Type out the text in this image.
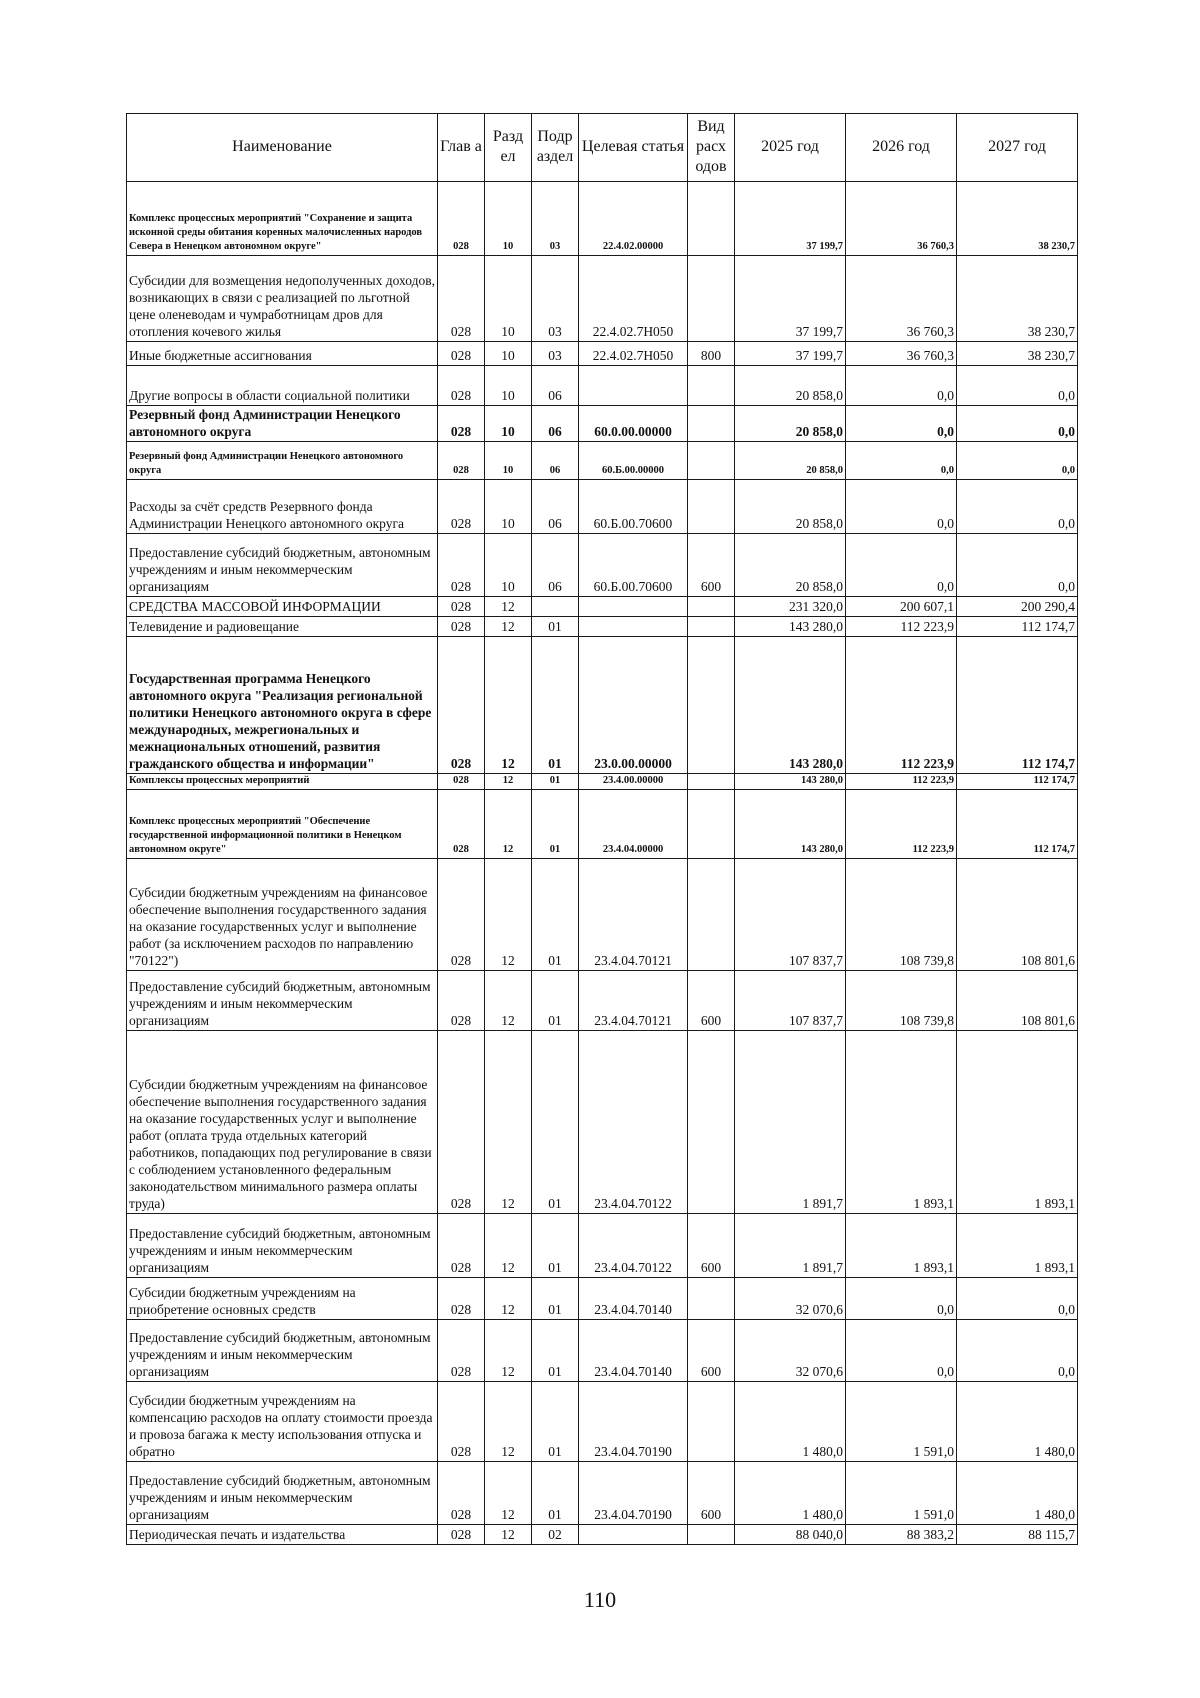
Наименование	Глав а	Разд ел	Подр аздел	Целевая статья	Вид расх одов	2025 год	2026 год	2027 год
Комплекс процессных мероприятий "Сохранение и защита исконной среды обитания коренных малочисленных народов Севера в Ненецком автономном округе"	028	10	03	22.4.02.00000		37 199,7	36 760,3	38 230,7
Субсидии для возмещения недополученных доходов, возникающих в связи с реализацией по льготной цене оленеводам и чумработницам дров для отопления кочевого жилья	028	10	03	22.4.02.7Н050		37 199,7	36 760,3	38 230,7
Иные бюджетные ассигнования	028	10	03	22.4.02.7Н050	800	37 199,7	36 760,3	38 230,7
Другие вопросы в области социальной политики	028	10	06			20 858,0	0,0	0,0
Резервный фонд Администрации Ненецкого автономного округа	028	10	06	60.0.00.00000		20 858,0	0,0	0,0
Резервный фонд Администрации Ненецкого автономного округа	028	10	06	60.Б.00.00000		20 858,0	0,0	0,0
Расходы за счёт средств Резервного фонда Администрации Ненецкого автономного округа	028	10	06	60.Б.00.70600		20 858,0	0,0	0,0
Предоставление субсидий бюджетным, автономным учреждениям и иным некоммерческим организациям	028	10	06	60.Б.00.70600	600	20 858,0	0,0	0,0
СРЕДСТВА МАССОВОЙ ИНФОРМАЦИИ	028	12				231 320,0	200 607,1	200 290,4
Телевидение и радиовещание	028	12	01			143 280,0	112 223,9	112 174,7
Государственная программа Ненецкого автономного округа "Реализация региональной политики Ненецкого автономного округа в сфере международных, межрегиональных и межнациональных отношений, развития гражданского общества и информации"	028	12	01	23.0.00.00000		143 280,0	112 223,9	112 174,7
Комплексы процессных мероприятий	028	12	01	23.4.00.00000		143 280,0	112 223,9	112 174,7
Комплекс процессных мероприятий "Обеспечение государственной информационной политики в Ненецком автономном округе"	028	12	01	23.4.04.00000		143 280,0	112 223,9	112 174,7
Субсидии бюджетным учреждениям на финансовое обеспечение выполнения государственного задания на оказание государственных услуг и выполнение работ (за исключением расходов по направлению "70122")	028	12	01	23.4.04.70121		107 837,7	108 739,8	108 801,6
Предоставление субсидий бюджетным, автономным учреждениям и иным некоммерческим организациям	028	12	01	23.4.04.70121	600	107 837,7	108 739,8	108 801,6
Субсидии бюджетным учреждениям на финансовое обеспечение выполнения государственного задания на оказание государственных услуг и выполнение работ (оплата труда отдельных категорий работников, попадающих под регулирование в связи с соблюдением установленного федеральным законодательством минимального размера оплаты труда)	028	12	01	23.4.04.70122		1 891,7	1 893,1	1 893,1
Предоставление субсидий бюджетным, автономным учреждениям и иным некоммерческим организациям	028	12	01	23.4.04.70122	600	1 891,7	1 893,1	1 893,1
Субсидии бюджетным учреждениям на приобретение основных средств	028	12	01	23.4.04.70140		32 070,6	0,0	0,0
Предоставление субсидий бюджетным, автономным учреждениям и иным некоммерческим организациям	028	12	01	23.4.04.70140	600	32 070,6	0,0	0,0
Субсидии бюджетным учреждениям на компенсацию расходов на оплату стоимости проезда и провоза багажа к месту использования отпуска и обратно	028	12	01	23.4.04.70190		1 480,0	1 591,0	1 480,0
Предоставление субсидий бюджетным, автономным учреждениям и иным некоммерческим организациям	028	12	01	23.4.04.70190	600	1 480,0	1 591,0	1 480,0
Периодическая печать и издательства	028	12	02			88 040,0	88 383,2	88 115,7
110
